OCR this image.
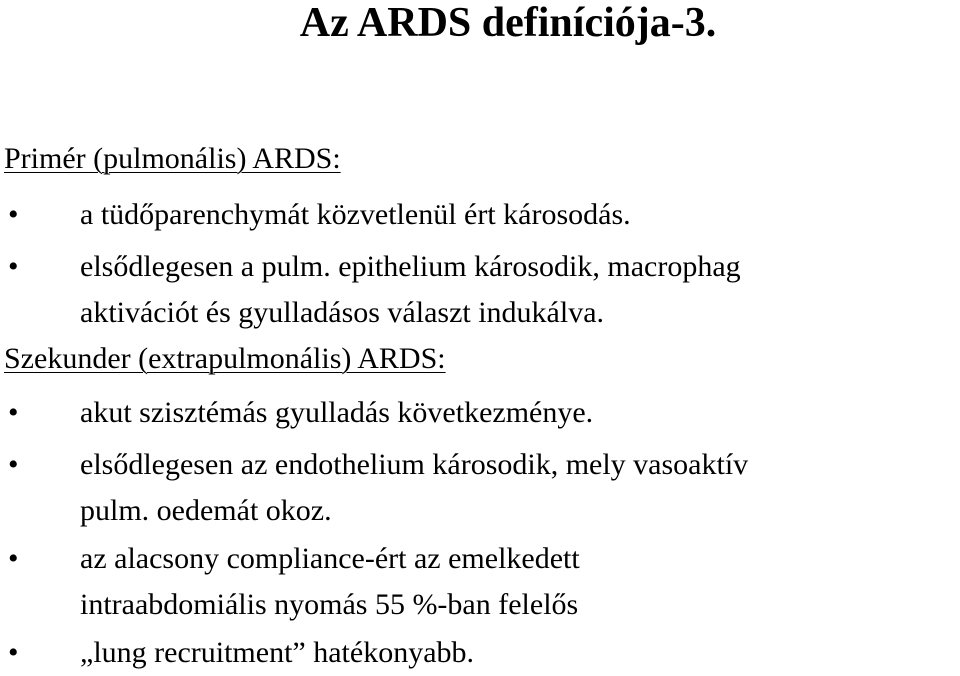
Az ARDS definíciója-3.

Primér (pulmonális) ARDS:

•	a tüdőparenchymát közvetlenül ért károsodás.
•	elsődlegesen a pulm. epithelium károsodik, macrophag
aktivációt és gyulladásos választ indukálva.

Szekunder (extrapulmonális) ARDS:

•	akut szisztémás gyulladás következménye.
•	elsődlegesen az endothelium károsodik, mely vasoaktív
pulm. oedemát okoz.
•	az alacsony compliance-ért az emelkedett
intraabdomiális nyomás 55 %-ban felelős
•	„lung recruitment” hatékonyabb.
